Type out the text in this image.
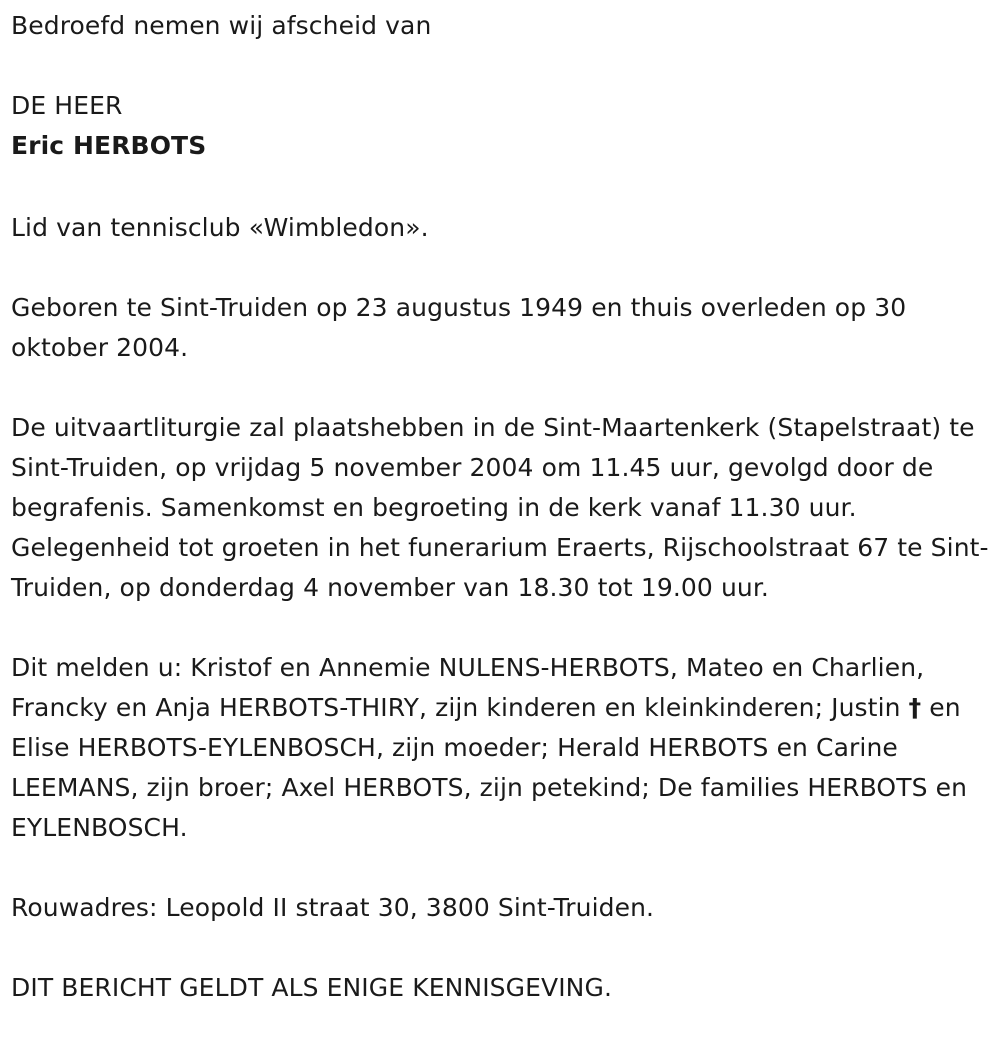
Bedroefd nemen wij afscheid van

DE HEER

Eric HERBOTS

Lid van tennisclub «Wimbledon».

Geboren te Sint-Truiden op 23 augustus 1949 en thuis overleden op 30 oktober 2004.

De uitvaartliturgie zal plaatshebben in de Sint-Maartenkerk (Stapelstraat) te Sint-Truiden, op vrijdag 5 november 2004 om 11.45 uur, gevolgd door de begrafenis. Samenkomst en begroeting in de kerk vanaf 11.30 uur. Gelegenheid tot groeten in het funerarium Eraerts, Rijschoolstraat 67 te Sint-Truiden, op donderdag 4 november van 18.30 tot 19.00 uur.

Dit melden u: Kristof en Annemie NULENS-HERBOTS, Mateo en Charlien, Francky en Anja HERBOTS-THIRY, zijn kinderen en kleinkinderen; Justin † en Elise HERBOTS-EYLENBOSCH, zijn moeder; Herald HERBOTS en Carine LEEMANS, zijn broer; Axel HERBOTS, zijn petekind; De families HERBOTS en EYLENBOSCH.

Rouwadres: Leopold II straat 30, 3800 Sint-Truiden.

DIT BERICHT GELDT ALS ENIGE KENNISGEVING.
